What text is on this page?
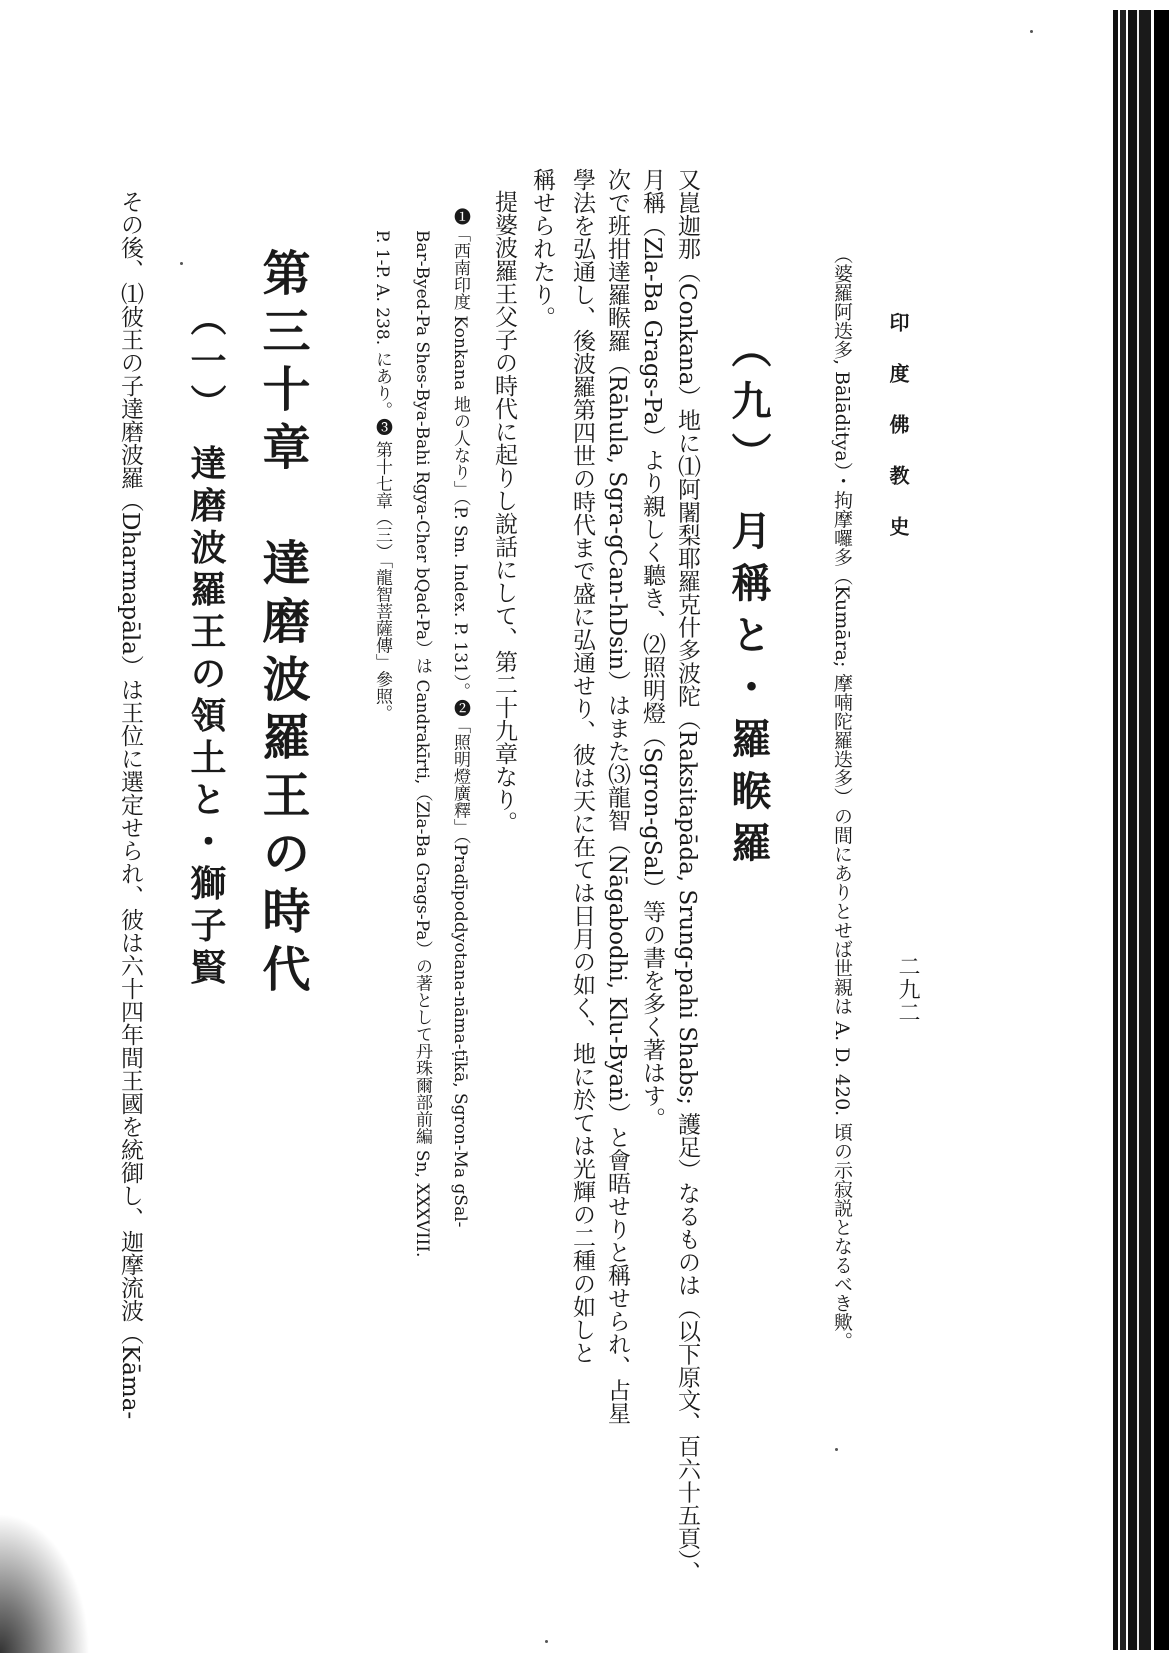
印 度 佛 教 史

二九二

（婆羅阿迭多, Bālāditya）・拘摩囉多（Kumāra; 摩喃陀羅迭多）の間にありとせば世親は A. D. 420. 頃の示寂説となるべき歟。

（九） 月稱と・羅睺羅

又崑迦那（Conkana）地に⑴阿闍梨耶羅克什多波陀（Raksitapāda, Srung-pahi Shabs; 護足）なるものは（以下原文、百六十五頁）、

月稱（Zla-Ba Grags-Pa）より親しく聽き、⑵照明燈（Sgron-gSal）等の書を多く著はす。

次で班拑達羅睺羅（Rāhula, Sgra-gCan-hDsin）はまた⑶龍智（Nāgabodhi, Klu-Byaṅ）と會晤せりと稱せられ、占星

學法を弘通し、後波羅第四世の時代まで盛に弘通せり、彼は天に在ては日月の如く、地に於ては光輝の二種の如しと

稱せられたり。

提婆波羅王父子の時代に起りし說話にして、第二十九章なり。

❶「西南印度 Konkana 地の人なり」（P. Sm. Index. P. 131）。❷「照明燈廣釋」（Pradīpoddyotana-nāma-ṭīkā, Sgron-Ma gSal-

Bar-Byed-Pa Shes-Bya-Bahi Rgya-Cher bQad-Pa）は Candrakīrti,（Zla-Ba Grags-Pa）の著として丹珠爾部前編 Sn, XXXVIII.

P. 1-P. A. 238. にあり。❸ 第十七章（三）「龍智菩薩傳」參照。

第三十章　達磨波羅王の時代
（一） 達磨波羅王の領土と・獅子賢

その後、⑴彼王の子達磨波羅（Dharmapāla）は王位に選定せられ、彼は六十四年間王國を統御し、迦摩流波（Kāma-
